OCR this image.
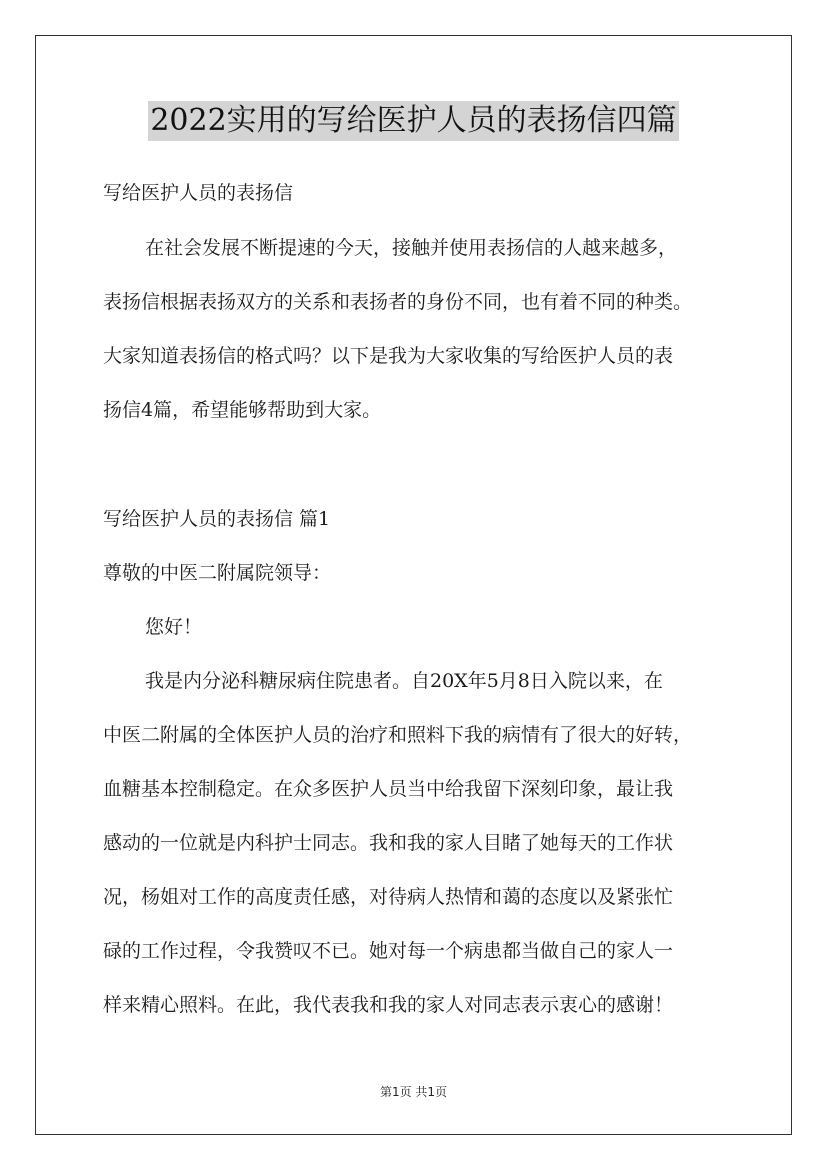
2022实用的写给医护人员的表扬信四篇
写给医护人员的表扬信
在社会发展不断提速的今天，接触并使用表扬信的人越来越多，
表扬信根据表扬双方的关系和表扬者的身份不同，也有着不同的种类。
大家知道表扬信的格式吗？以下是我为大家收集的写给医护人员的表
扬信4篇，希望能够帮助到大家。
写给医护人员的表扬信 篇1
尊敬的中医二附属院领导：
您好！
我是内分泌科糖尿病住院患者。自20X年5月8日入院以来，在
中医二附属的全体医护人员的治疗和照料下我的病情有了很大的好转，
血糖基本控制稳定。在众多医护人员当中给我留下深刻印象，最让我
感动的一位就是内科护士同志。我和我的家人目睹了她每天的工作状
况，杨姐对工作的高度责任感，对待病人热情和蔼的态度以及紧张忙
碌的工作过程，令我赞叹不已。她对每一个病患都当做自己的家人一
样来精心照料。在此，我代表我和我的家人对同志表示衷心的感谢！
第1页 共1页
